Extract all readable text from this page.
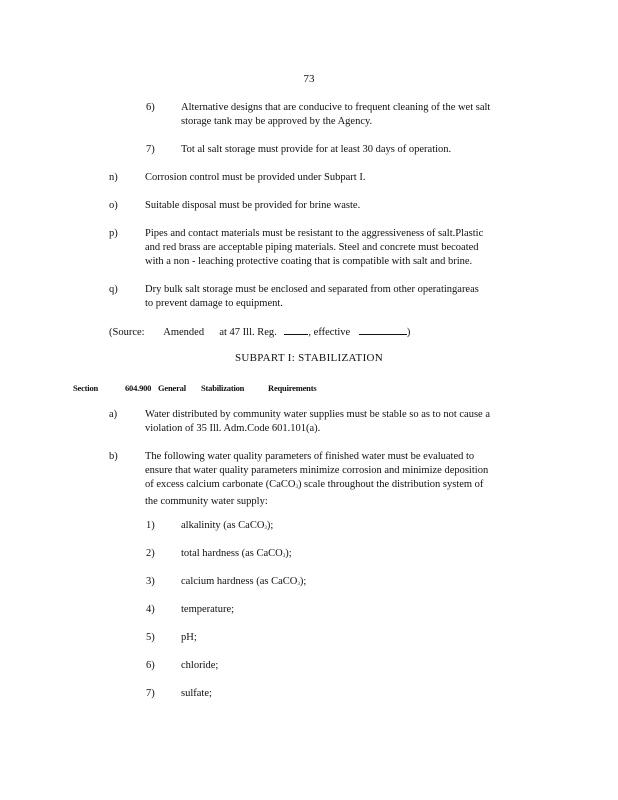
73
6)	Alternative designs that are conducive to frequent cleaning of the wet salt
storage tank may be approved by the Agency.
7)	Tot al salt storage must provide for at least 30 days of operation.
n)	Corrosion control must be provided under Subpart I.
o)	Suitable disposal must be provided for brine waste.
p)	Pipes and contact materials must be resistant to the aggressiveness of salt.Plastic
and red brass are acceptable piping materials. Steel and concrete must becoated
with a non - leaching protective coating that is compatible with salt and brine.
q)	Dry bulk salt storage must be enclosed and separated from other operatingareas
to prevent damage to equipment.
(Source: Amended at 47 Ill. Reg.	, effective	)
SUBPART I: STABILIZATION
Section	604.900 General Stabilization	Requirements
a)	Water distributed by community water supplies must be stable so as to not cause a
violation of 35 Ill. Adm.Code 601.101(a).
b)	The following water quality parameters of finished water must be evaluated to
ensure that water quality parameters minimize corrosion and minimize deposition
of excess calcium carbonate (CaCO$_3$) scale throughout the distribution system of
the community water supply:
1)	alkalinity (as CaCO$_3$);
2)	total hardness (as CaCO$_3$);
3)	calcium hardness (as CaCO$_3$);
4)	temperature;
5)	pH;
6)	chloride;
7)	sulfate;
